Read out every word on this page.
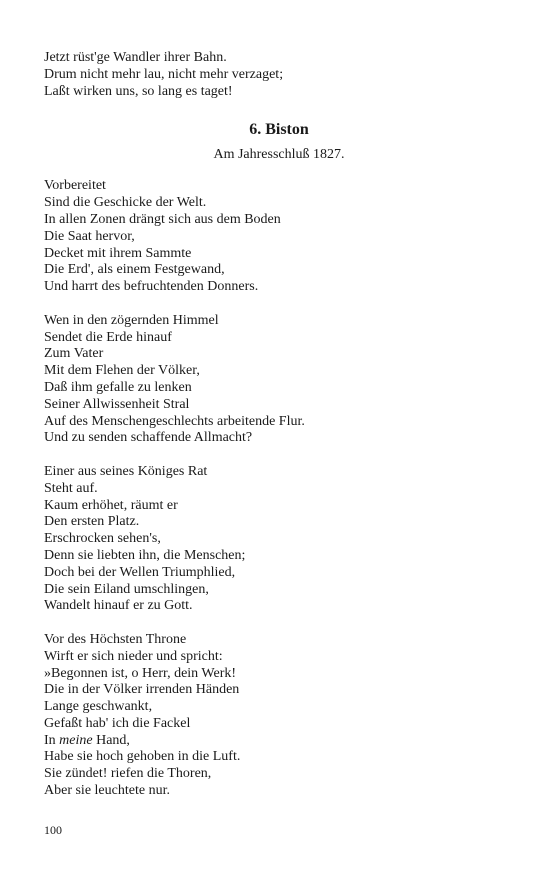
Jetzt rüst'ge Wandler ihrer Bahn.
Drum nicht mehr lau, nicht mehr verzaget;
Laßt wirken uns, so lang es taget!
6. Biston
Am Jahresschluß 1827.
Vorbereitet
Sind die Geschicke der Welt.
In allen Zonen drängt sich aus dem Boden
Die Saat hervor,
Decket mit ihrem Sammte
Die Erd', als einem Festgewand,
Und harrt des befruchtenden Donners.
Wen in den zögernden Himmel
Sendet die Erde hinauf
Zum Vater
Mit dem Flehen der Völker,
Daß ihm gefalle zu lenken
Seiner Allwissenheit Stral
Auf des Menschengeschlechts arbeitende Flur.
Und zu senden schaffende Allmacht?
Einer aus seines Königes Rat
Steht auf.
Kaum erhöhet, räumt er
Den ersten Platz.
Erschrocken sehen's,
Denn sie liebten ihn, die Menschen;
Doch bei der Wellen Triumphlied,
Die sein Eiland umschlingen,
Wandelt hinauf er zu Gott.
Vor des Höchsten Throne
Wirft er sich nieder und spricht:
»Begonnen ist, o Herr, dein Werk!
Die in der Völker irrenden Händen
Lange geschwankt,
Gefaßt hab' ich die Fackel
In meine Hand,
Habe sie hoch gehoben in die Luft.
Sie zündet! riefen die Thoren,
Aber sie leuchtete nur.
100
